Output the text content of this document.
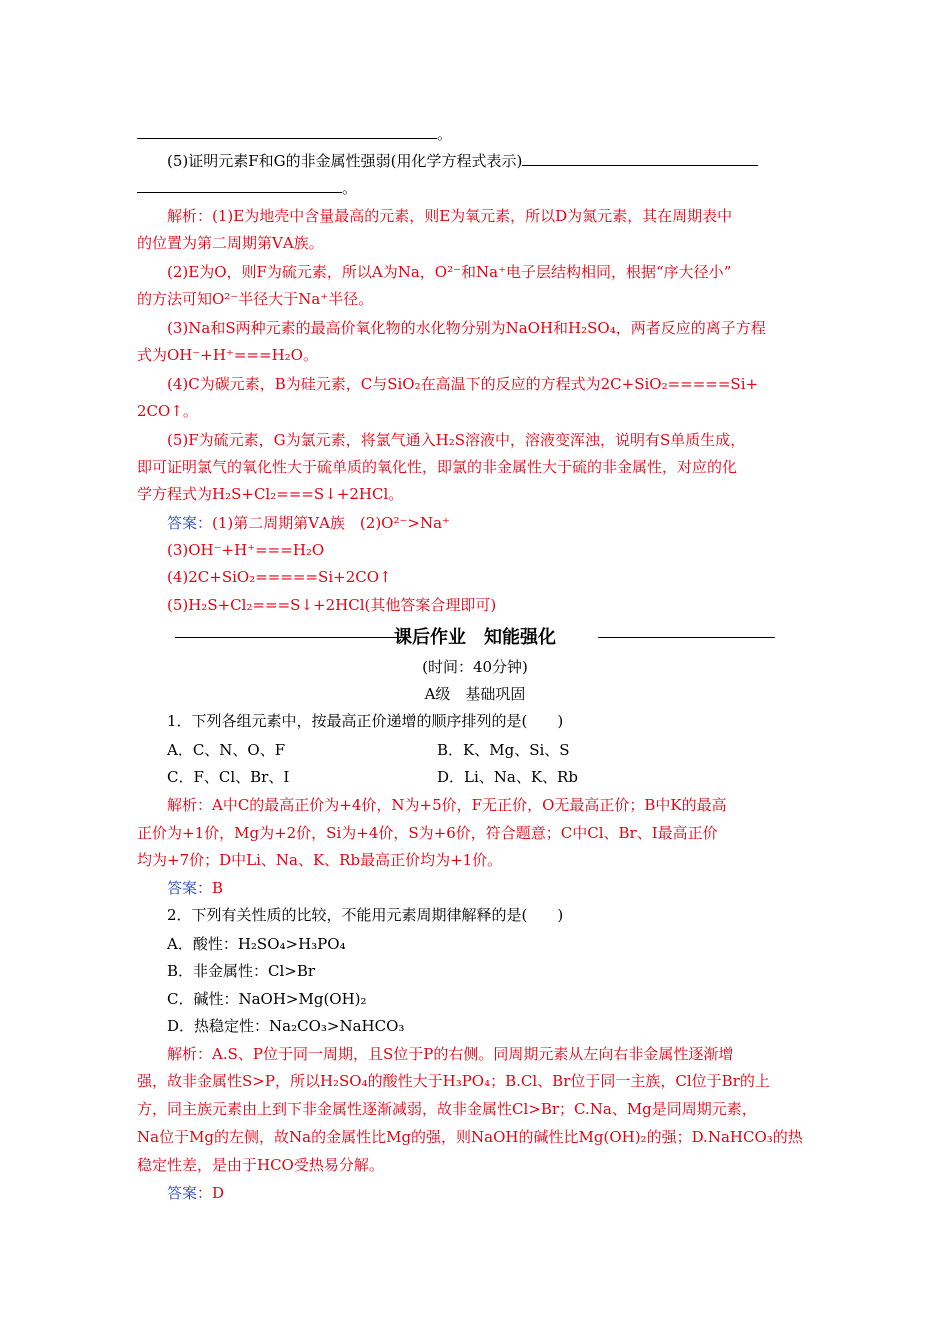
。
(5)证明元素F和G的非金属性强弱(用化学方程式表示)
。
解析：(1)E为地壳中含量最高的元素，则E为氧元素，所以D为氮元素，其在周期表中
的位置为第二周期第ⅤA族。
(2)E为O，则F为硫元素，所以A为Na，O²⁻和Na⁺电子层结构相同，根据“序大径小”
的方法可知O²⁻半径大于Na⁺半径。
(3)Na和S两种元素的最高价氧化物的水化物分别为NaOH和H₂SO₄，两者反应的离子方程
式为OH⁻+H⁺===H₂O。
(4)C为碳元素，B为硅元素，C与SiO₂在高温下的反应的方程式为2C+SiO₂=====Si+
2CO↑。
(5)F为硫元素，G为氯元素，将氯气通入H₂S溶液中，溶液变浑浊，说明有S单质生成，
即可证明氯气的氧化性大于硫单质的氧化性，即氯的非金属性大于硫的非金属性，对应的化
学方程式为H₂S+Cl₂===S↓+2HCl。
答案：(1)第二周期第ⅤA族　(2)O²⁻>Na⁺
(3)OH⁻+H⁺===H₂O
(4)2C+SiO₂=====Si+2CO↑
(5)H₂S+Cl₂===S↓+2HCl(其他答案合理即可)
课后作业　知能强化
(时间：40分钟)
A级　基础巩固
1．下列各组元素中，按最高正价递增的顺序排列的是(　　)
A．C、N、O、F	B．K、Mg、Si、S
C．F、Cl、Br、I	D．Li、Na、K、Rb
解析：A中C的最高正价为+4价，N为+5价，F无正价，O无最高正价；B中K的最高
正价为+1价，Mg为+2价，Si为+4价，S为+6价，符合题意；C中Cl、Br、I最高正价
均为+7价；D中Li、Na、K、Rb最高正价均为+1价。
答案：B
2．下列有关性质的比较，不能用元素周期律解释的是(　　)
A．酸性：H₂SO₄>H₃PO₄
B．非金属性：Cl>Br
C．碱性：NaOH>Mg(OH)₂
D．热稳定性：Na₂CO₃>NaHCO₃
解析：A.S、P位于同一周期，且S位于P的右侧。同周期元素从左向右非金属性逐渐增
强，故非金属性S>P，所以H₂SO₄的酸性大于H₃PO₄；B.Cl、Br位于同一主族，Cl位于Br的上
方，同主族元素由上到下非金属性逐渐减弱，故非金属性Cl>Br；C.Na、Mg是同周期元素，
Na位于Mg的左侧，故Na的金属性比Mg的强，则NaOH的碱性比Mg(OH)₂的强；D.NaHCO₃的热
稳定性差，是由于HCO受热易分解。
答案：D
